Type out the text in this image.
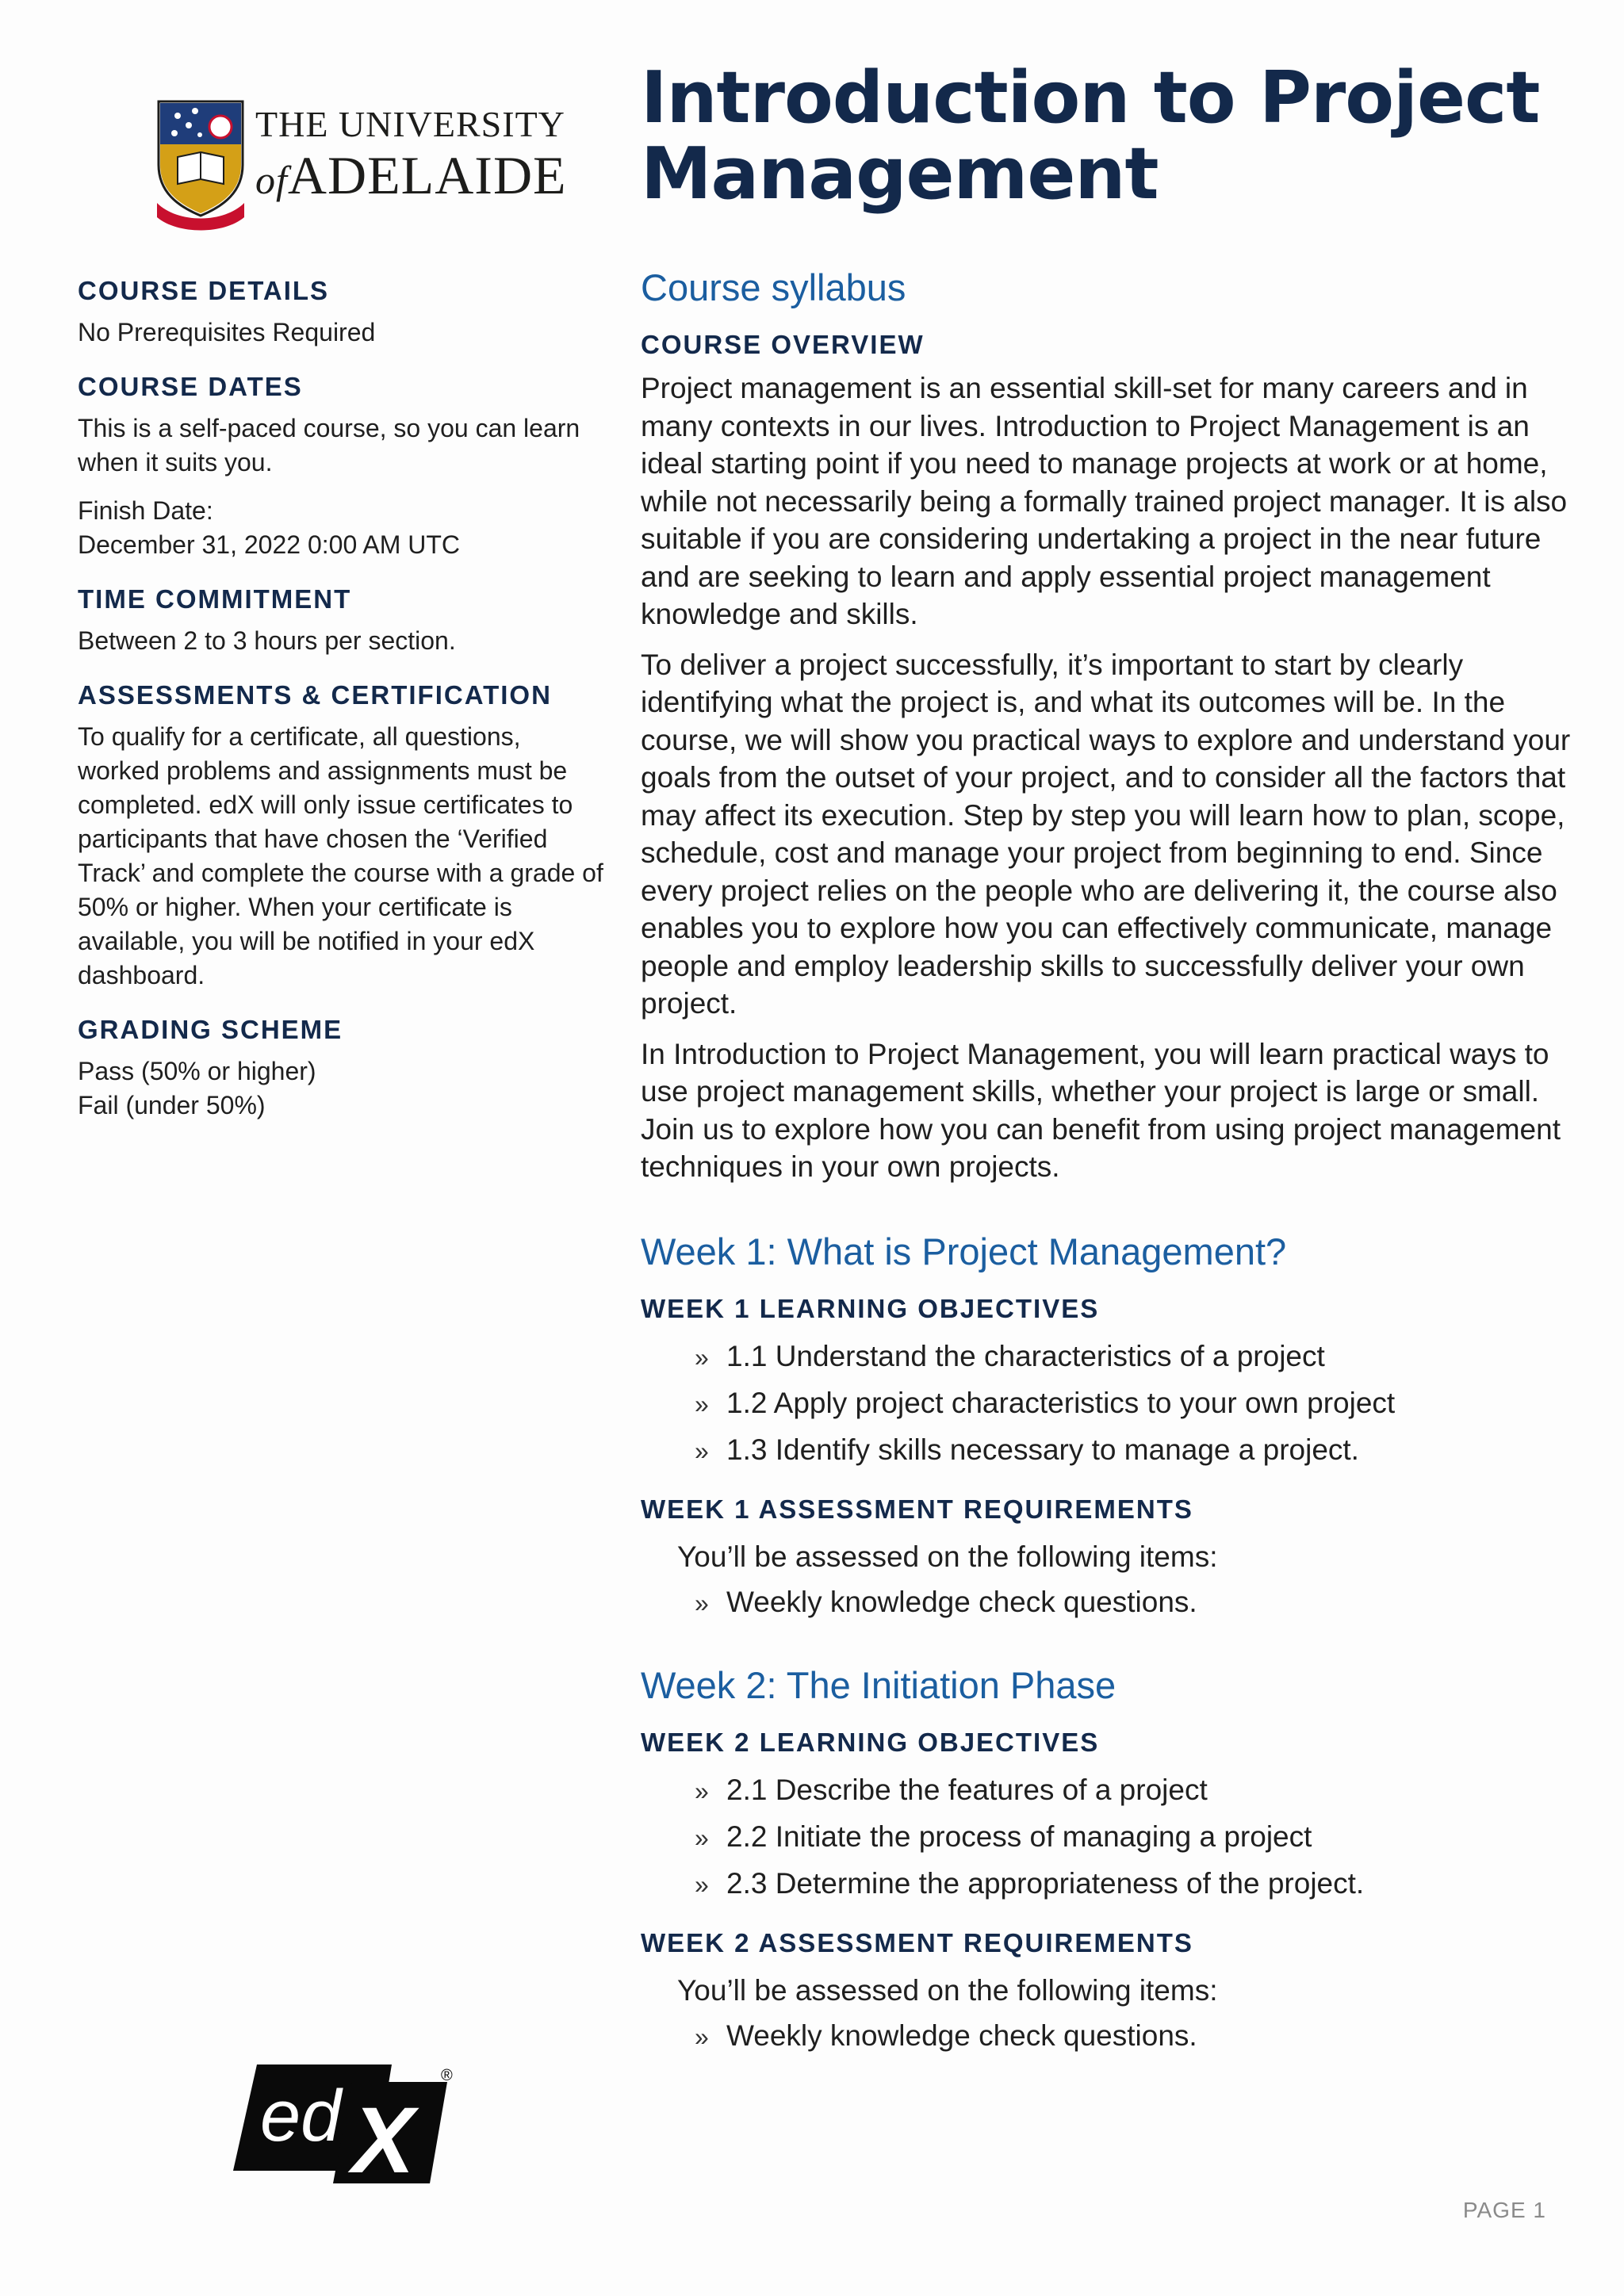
THE UNIVERSITY
ofADELAIDE
Introduction to Project Management
COURSE DETAILS
No Prerequisites Required
COURSE DATES
This is a self-paced course, so you can learn when it suits you.
Finish Date:
December 31, 2022 0:00 AM UTC
TIME COMMITMENT
Between 2 to 3 hours per section.
ASSESSMENTS & CERTIFICATION
To qualify for a certificate, all questions, worked problems and assignments must be completed. edX will only issue certificates to participants that have chosen the ‘Verified Track’ and complete the course with a grade of 50% or higher. When your certificate is available, you will be notified in your edX dashboard.
GRADING SCHEME
Pass (50% or higher)
Fail (under 50%)
Course syllabus
COURSE OVERVIEW

Project management is an essential skill-set for many careers and in many contexts in our lives. Introduction to Project Management is an ideal starting point if you need to manage projects at work or at home, while not necessarily being a formally trained project manager. It is also suitable if you are considering undertaking a project in the near future and are seeking to learn and apply essential project management knowledge and skills.

To deliver a project successfully, it’s important to start by clearly identifying what the project is, and what its outcomes will be. In the course, we will show you practical ways to explore and understand your goals from the outset of your project, and to consider all the factors that may affect its execution. Step by step you will learn how to plan, scope, schedule, cost and manage your project from beginning to end. Since every project relies on the people who are delivering it, the course also enables you to explore how you can effectively communicate, manage people and employ leadership skills to successfully deliver your own project.

In Introduction to Project Management, you will learn practical ways to use project management skills, whether your project is large or small. Join us to explore how you can benefit from using project management techniques in your own projects.

Week 1: What is Project Management?
WEEK 1 LEARNING OBJECTIVES
» 1.1 Understand the characteristics of a project
» 1.2 Apply project characteristics to your own project
» 1.3 Identify skills necessary to manage a project.
WEEK 1 ASSESSMENT REQUIREMENTS

You’ll be assessed on the following items:

» Weekly knowledge check questions.
Week 2: The Initiation Phase
WEEK 2 LEARNING OBJECTIVES
» 2.1 Describe the features of a project
» 2.2 Initiate the process of managing a project
» 2.3 Determine the appropriateness of the project.
WEEK 2 ASSESSMENT REQUIREMENTS

You’ll be assessed on the following items:

» Weekly knowledge check questions.
ed X
®
PAGE 1
